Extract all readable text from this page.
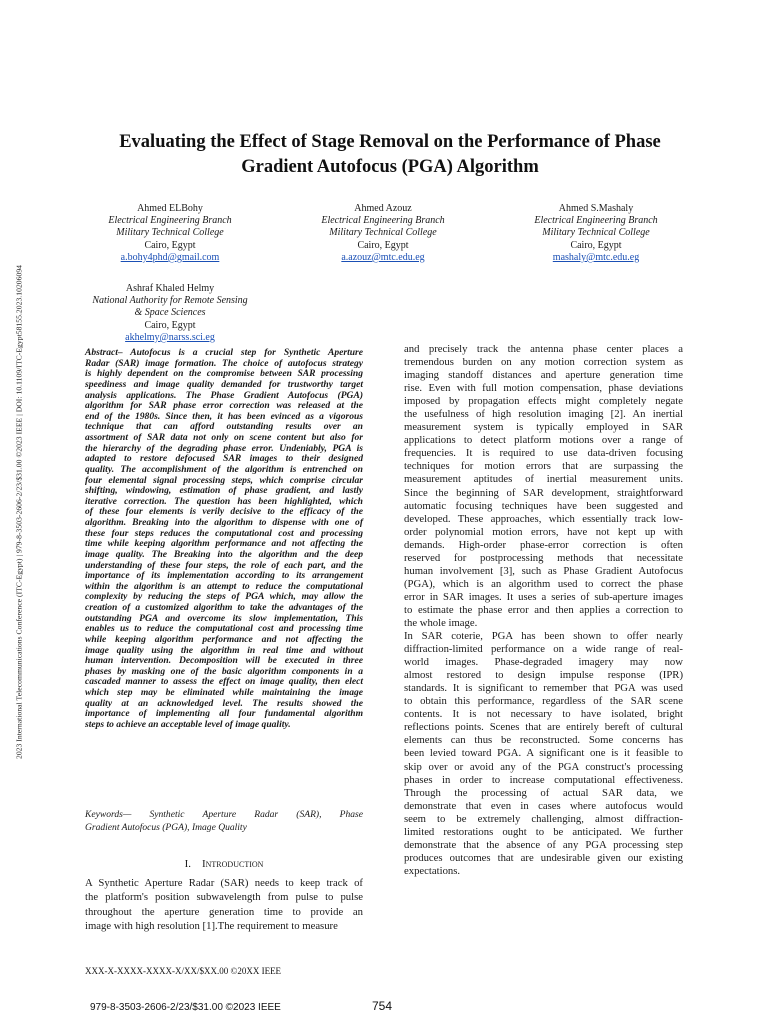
2023 International Telecommunications Conference (ITC-Egypt) | 979-8-3503-2606-2/23/$31.00 ©2023 IEEE | DOI: 10.1109/ITC-Egypt58155.2023.10206094
Evaluating the Effect of Stage Removal on the Performance of Phase
Gradient Autofocus (PGA) Algorithm
Ahmed ELBohy
Electrical Engineering Branch
Military Technical College
Cairo, Egypt
a.bohy4phd@gmail.com
Ahmed Azouz
Electrical Engineering Branch
Military Technical College
Cairo, Egypt
a.azouz@mtc.edu.eg
Ahmed S.Mashaly
Electrical Engineering Branch
Military Technical College
Cairo, Egypt
mashaly@mtc.edu.eg
Ashraf Khaled Helmy
National Authority for Remote Sensing
& Space Sciences
Cairo, Egypt
akhelmy@narss.sci.eg
Abstract– Autofocus is a crucial step for Synthetic Aperture
Radar (SAR) image formation. The choice of autofocus strategy
is highly dependent on the compromise between SAR processing
speediness and image quality demanded for trustworthy target
analysis applications. The Phase Gradient Autofocus (PGA)
algorithm for SAR phase error correction was released at the
end of the 1980s. Since then, it has been evinced as a vigorous
technique that can afford outstanding results over an
assortment of SAR data not only on scene content but also for
the hierarchy of the degrading phase error. Undeniably, PGA is
adapted to restore defocused SAR images to their designed
quality. The accomplishment of the algorithm is entrenched on
four elemental signal processing steps, which comprise circular
shifting, windowing, estimation of phase gradient, and lastly
iterative correction. The question has been highlighted, which
of these four elements is verily decisive to the efficacy of the
algorithm. Breaking into the algorithm to dispense with one of
these four steps reduces the computational cost and processing
time while keeping algorithm performance and not affecting the
image quality. The Breaking into the algorithm and the deep
understanding of these four steps, the role of each part, and the
importance of its implementation according to its arrangement
within the algorithm is an attempt to reduce the computational
complexity by reducing the steps of PGA which, may allow the
creation of a customized algorithm to take the advantages of the
outstanding PGA and overcome its slow implementation, This
enables us to reduce the computational cost and processing time
while keeping algorithm performance and not affecting the
image quality using the algorithm in real time and without
human intervention. Decomposition will be executed in three
phases by masking one of the basic algorithm components in a
cascaded manner to assess the effect on image quality, then elect
which step may be eliminated while maintaining the image
quality at an acknowledged level. The results showed the
importance of implementing all four fundamental algorithm
steps to achieve an acceptable level of image quality.
Keywords— Synthetic Aperture Radar (SAR), Phase
Gradient Autofocus (PGA), Image Quality
I. Introduction
A Synthetic Aperture Radar (SAR) needs to keep track of
the platform's position subwavelength from pulse to pulse
throughout the aperture generation time to provide an
image with high resolution [1].The requirement to measure
and precisely track the antenna phase center places a
tremendous burden on any motion correction system as
imaging standoff distances and aperture generation time
rise. Even with full motion compensation, phase deviations
imposed by propagation effects might completely negate
the usefulness of high resolution imaging [2]. An inertial
measurement system is typically employed in SAR
applications to detect platform motions over a range of
frequencies. It is required to use data-driven focusing
techniques for motion errors that are surpassing the
measurement aptitudes of inertial measurement units.
Since the beginning of SAR development, straightforward
automatic focusing techniques have been suggested and
developed. These approaches, which essentially track low-
order polynomial motion errors, have not kept up with
demands. High-order phase-error correction is often
reserved for postprocessing methods that necessitate
human involvement [3], such as Phase Gradient Autofocus
(PGA), which is an algorithm used to correct the phase
error in SAR images. It uses a series of sub-aperture images
to estimate the phase error and then applies a correction to
the whole image.
In SAR coterie, PGA has been shown to offer nearly
diffraction-limited performance on a wide range of real-
world images. Phase-degraded imagery may now
almost restored to design impulse response (IPR)
standards. It is significant to remember that PGA was used
to obtain this performance, regardless of the SAR scene
contents. It is not necessary to have isolated, bright
reflections points. Scenes that are entirely bereft of cultural
elements can thus be reconstructed. Some concerns has
been levied toward PGA. A significant one is it feasible to
skip over or avoid any of the PGA construct's processing
phases in order to increase computational effectiveness.
Through the processing of actual SAR data, we
demonstrate that even in cases where autofocus would
seem to be extremely challenging, almost diffraction-
limited restorations ought to be anticipated. We further
demonstrate that the absence of any PGA processing step
produces outcomes that are undesirable given our existing
expectations.
XXX-X-XXXX-XXXX-X/XX/$XX.00 ©20XX IEEE
979-8-3503-2606-2/23/$31.00 ©2023 IEEE	754
